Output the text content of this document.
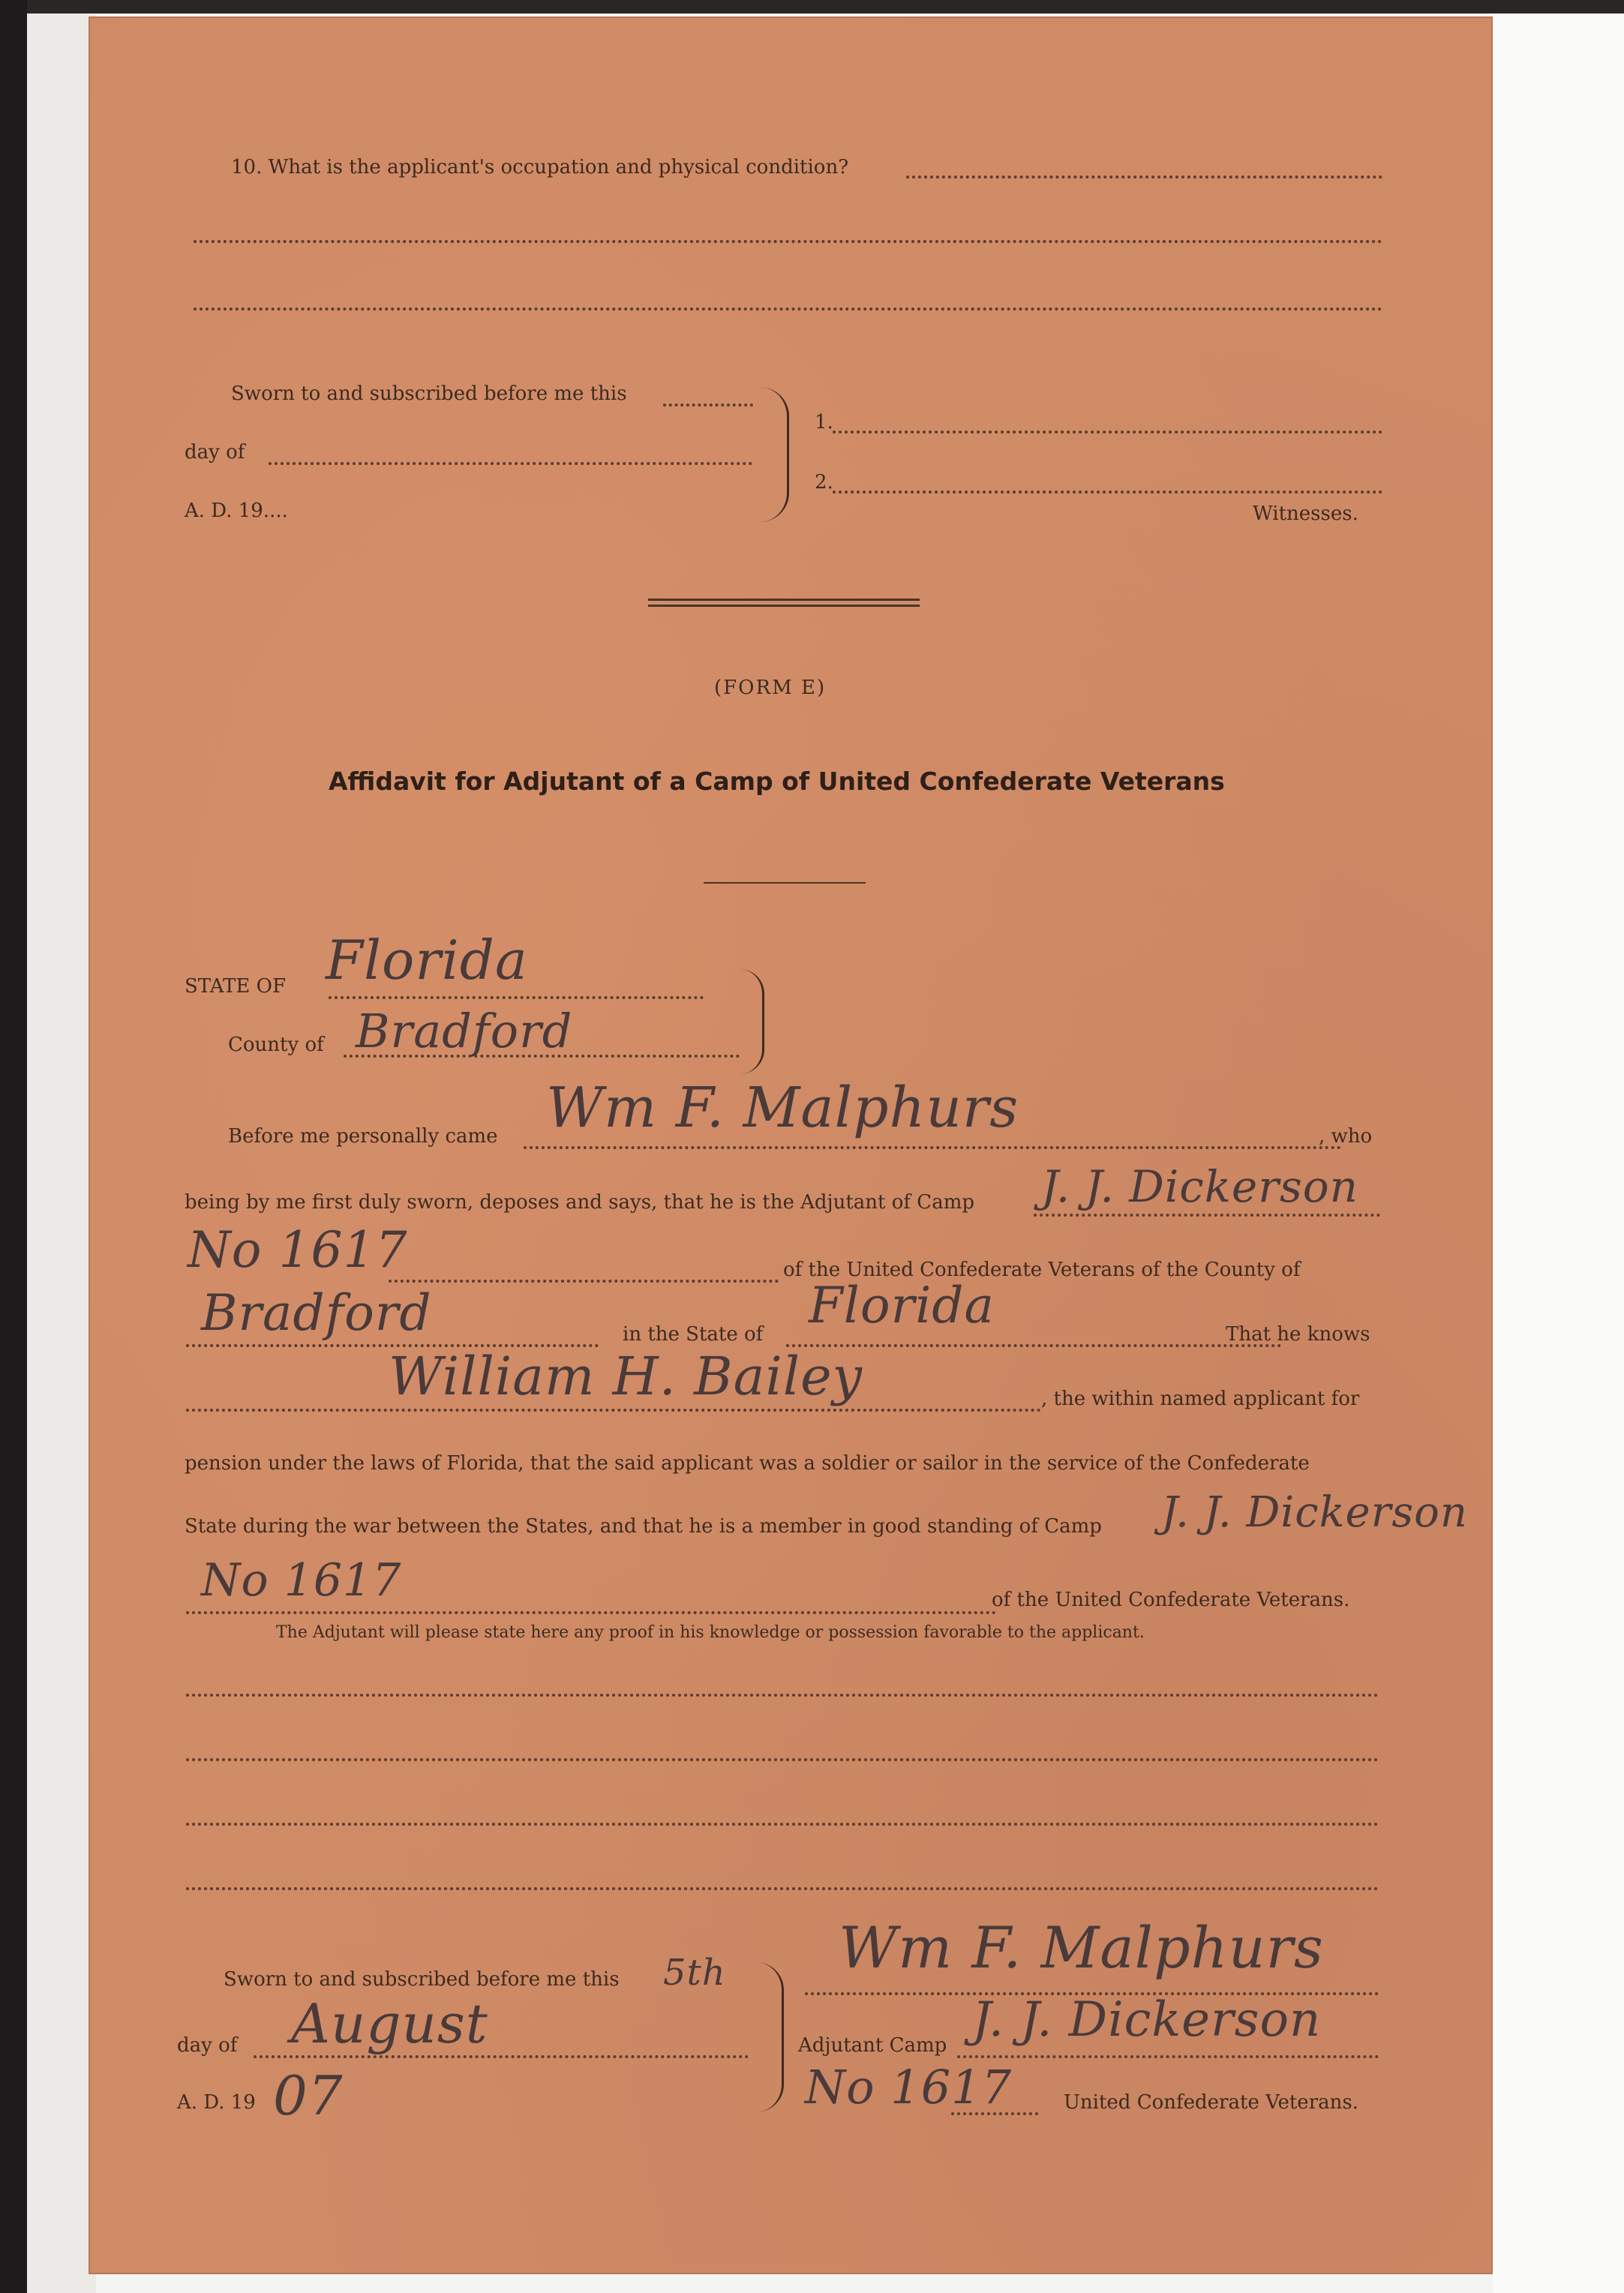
10. What is the applicant's occupation and physical condition?
Sworn to and subscribed before me this
day of
A. D. 19....
1.
2.
Witnesses.
(FORM E)
Affidavit for Adjutant of a Camp of United Confederate Veterans
STATE OF Florida
County of Bradford
Before me personally came Wm F. Malphurs	, who
being by me first duly sworn, deposes and says, that he is the Adjutant of Camp J. J. Dickerson
No 1617	of the United Confederate Veterans of the County of
Bradford	in the State of Florida	That he knows
William H. Bailey	, the within named applicant for
pension under the laws of Florida, that the said applicant was a soldier or sailor in the service of the Confederate
State during the war between the States, and that he is a member in good standing of Camp J. J. Dickerson
No 1617	of the United Confederate Veterans.
The Adjutant will please state here any proof in his knowledge or possession favorable to the applicant.
Sworn to and subscribed before me this 5th
day of August
A. D. 19 07
Wm F. Malphurs
Adjutant Camp J. J. Dickerson
No 1617	United Confederate Veterans.
